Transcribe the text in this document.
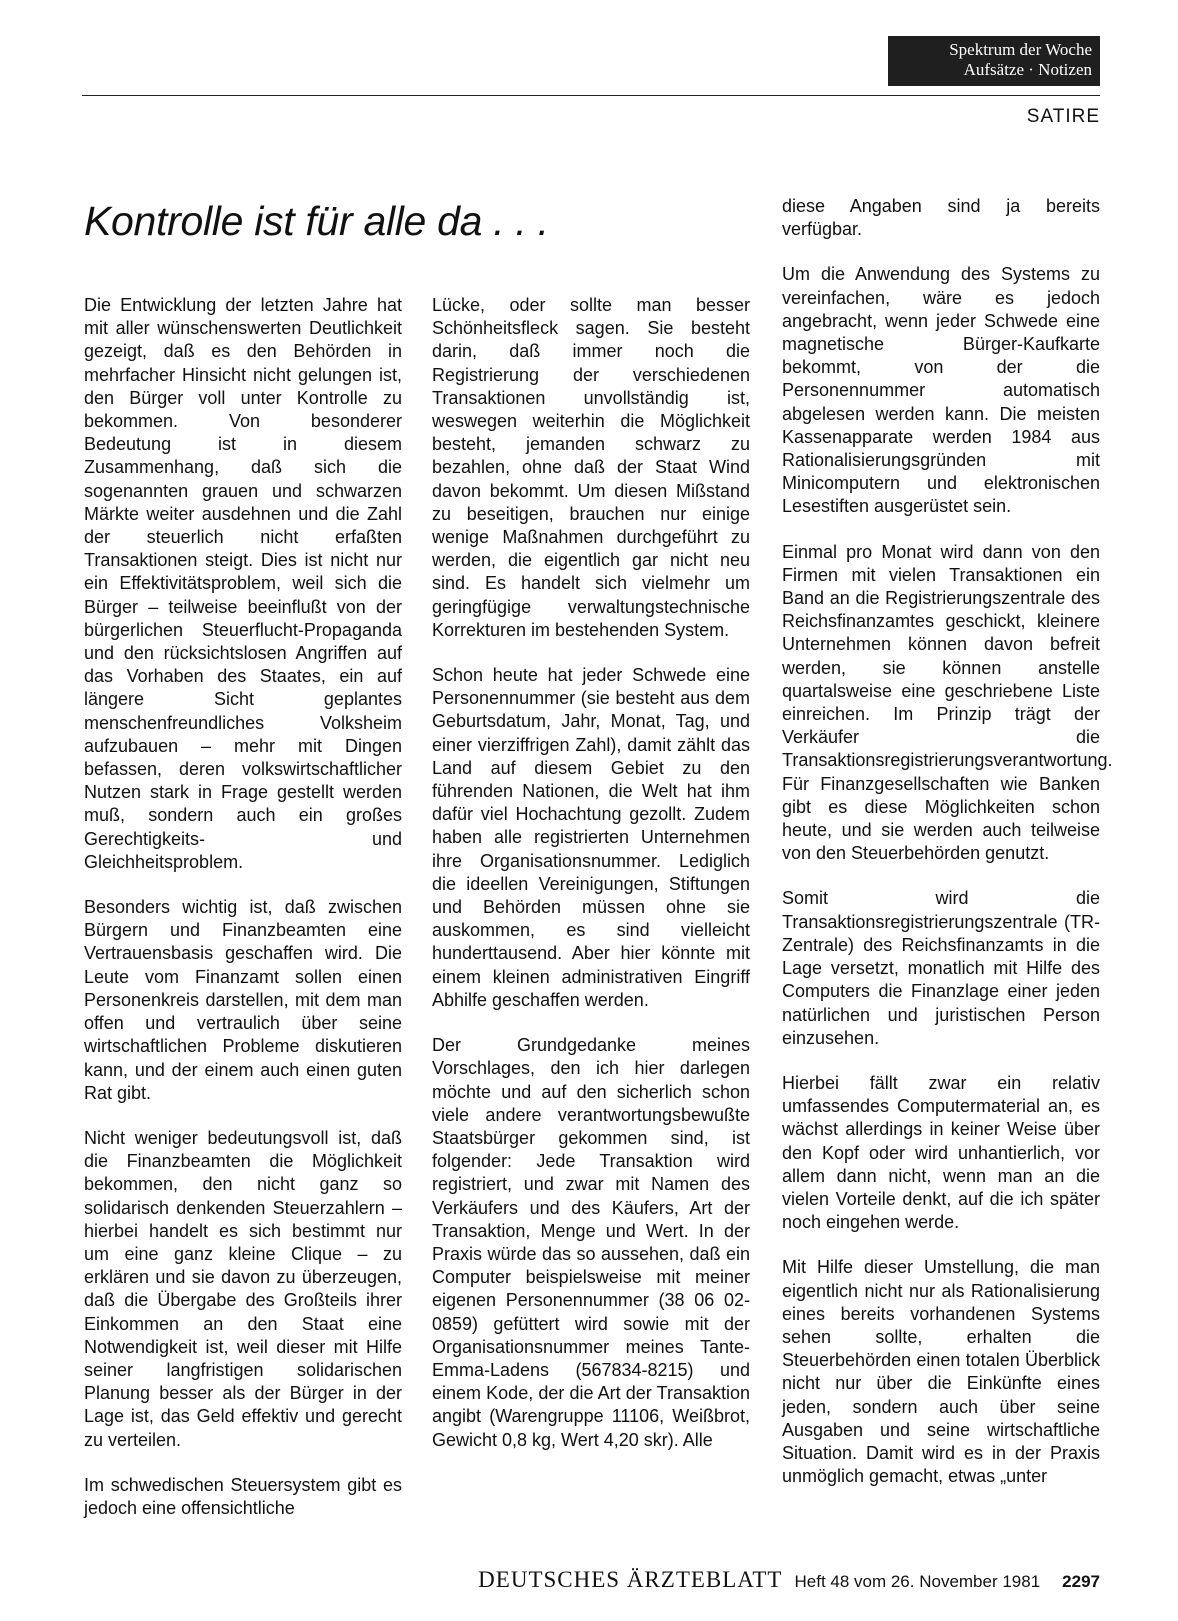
Spektrum der Woche
Aufsätze · Notizen
SATIRE
Kontrolle ist für alle da . . .

Die Entwicklung der letzten Jahre hat mit aller wünschenswerten Deutlichkeit gezeigt, daß es den Behörden in mehrfacher Hinsicht nicht gelungen ist, den Bürger voll unter Kontrolle zu bekommen. Von besonderer Bedeutung ist in diesem Zusammenhang, daß sich die sogenannten grauen und schwarzen Märkte weiter ausdehnen und die Zahl der steuerlich nicht erfaßten Transaktionen steigt. Dies ist nicht nur ein Effektivitätsproblem, weil sich die Bürger – teilweise beeinflußt von der bürgerlichen Steuerflucht-Propaganda und den rücksichtslosen Angriffen auf das Vorhaben des Staates, ein auf längere Sicht geplantes menschenfreundliches Volksheim aufzubauen – mehr mit Dingen befassen, deren volkswirtschaftlicher Nutzen stark in Frage gestellt werden muß, sondern auch ein großes Gerechtigkeits- und Gleichheitsproblem.

Besonders wichtig ist, daß zwischen Bürgern und Finanzbeamten eine Vertrauensbasis geschaffen wird. Die Leute vom Finanzamt sollen einen Personenkreis darstellen, mit dem man offen und vertraulich über seine wirtschaftlichen Probleme diskutieren kann, und der einem auch einen guten Rat gibt.

Nicht weniger bedeutungsvoll ist, daß die Finanzbeamten die Möglichkeit bekommen, den nicht ganz so solidarisch denkenden Steuerzahlern – hierbei handelt es sich bestimmt nur um eine ganz kleine Clique – zu erklären und sie davon zu überzeugen, daß die Übergabe des Großteils ihrer Einkommen an den Staat eine Notwendigkeit ist, weil dieser mit Hilfe seiner langfristigen solidarischen Planung besser als der Bürger in der Lage ist, das Geld effektiv und gerecht zu verteilen.

Im schwedischen Steuersystem gibt es jedoch eine offensichtliche

Lücke, oder sollte man besser Schönheitsfleck sagen. Sie besteht darin, daß immer noch die Registrierung der verschiedenen Transaktionen unvollständig ist, weswegen weiterhin die Möglichkeit besteht, jemanden schwarz zu bezahlen, ohne daß der Staat Wind davon bekommt. Um diesen Mißstand zu beseitigen, brauchen nur einige wenige Maßnahmen durchgeführt zu werden, die eigentlich gar nicht neu sind. Es handelt sich vielmehr um geringfügige verwaltungstechnische Korrekturen im bestehenden System.

Schon heute hat jeder Schwede eine Personennummer (sie besteht aus dem Geburtsdatum, Jahr, Monat, Tag, und einer vierziffrigen Zahl), damit zählt das Land auf diesem Gebiet zu den führenden Nationen, die Welt hat ihm dafür viel Hochachtung gezollt. Zudem haben alle registrierten Unternehmen ihre Organisationsnummer. Lediglich die ideellen Vereinigungen, Stiftungen und Behörden müssen ohne sie auskommen, es sind vielleicht hunderttausend. Aber hier könnte mit einem kleinen administrativen Eingriff Abhilfe geschaffen werden.

Der Grundgedanke meines Vorschlages, den ich hier darlegen möchte und auf den sicherlich schon viele andere verantwortungsbewußte Staatsbürger gekommen sind, ist folgender: Jede Transaktion wird registriert, und zwar mit Namen des Verkäufers und des Käufers, Art der Transaktion, Menge und Wert. In der Praxis würde das so aussehen, daß ein Computer beispielsweise mit meiner eigenen Personennummer (38 06 02-0859) gefüttert wird sowie mit der Organisationsnummer meines Tante-Emma-Ladens (567834-8215) und einem Kode, der die Art der Transaktion angibt (Warengruppe 11106, Weißbrot, Gewicht 0,8 kg, Wert 4,20 skr). Alle

diese Angaben sind ja bereits verfügbar.

Um die Anwendung des Systems zu vereinfachen, wäre es jedoch angebracht, wenn jeder Schwede eine magnetische Bürger-Kaufkarte bekommt, von der die Personennummer automatisch abgelesen werden kann. Die meisten Kassenapparate werden 1984 aus Rationalisierungsgründen mit Minicomputern und elektronischen Lesestiften ausgerüstet sein.

Einmal pro Monat wird dann von den Firmen mit vielen Transaktionen ein Band an die Registrierungszentrale des Reichsfinanzamtes geschickt, kleinere Unternehmen können davon befreit werden, sie können anstelle quartalsweise eine geschriebene Liste einreichen. Im Prinzip trägt der Verkäufer die Transaktionsregistrierungsverantwortung. Für Finanzgesellschaften wie Banken gibt es diese Möglichkeiten schon heute, und sie werden auch teilweise von den Steuerbehörden genutzt.

Somit wird die Transaktionsregistrierungszentrale (TR-Zentrale) des Reichsfinanzamts in die Lage versetzt, monatlich mit Hilfe des Computers die Finanzlage einer jeden natürlichen und juristischen Person einzusehen.

Hierbei fällt zwar ein relativ umfassendes Computermaterial an, es wächst allerdings in keiner Weise über den Kopf oder wird unhantierlich, vor allem dann nicht, wenn man an die vielen Vorteile denkt, auf die ich später noch eingehen werde.

Mit Hilfe dieser Umstellung, die man eigentlich nicht nur als Rationalisierung eines bereits vorhandenen Systems sehen sollte, erhalten die Steuerbehörden einen totalen Überblick nicht nur über die Einkünfte eines jeden, sondern auch über seine Ausgaben und seine wirtschaftliche Situation. Damit wird es in der Praxis unmöglich gemacht, etwas „unter

DEUTSCHES ÄRZTEBLATT Heft 48 vom 26. November 1981 2297
